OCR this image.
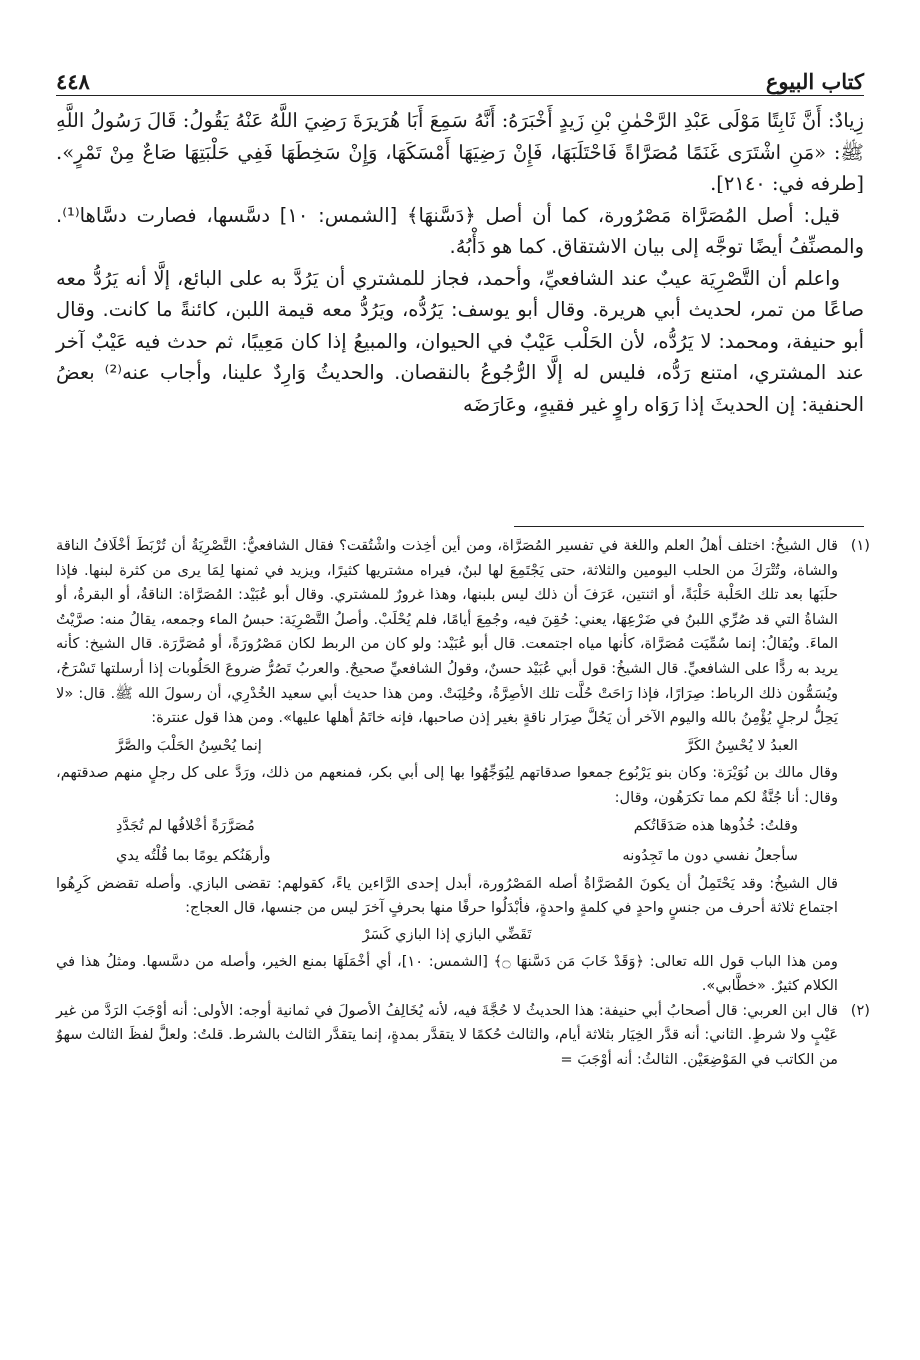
كتاب البيوع
٤٤٨

زِيادٌ: أَنَّ ثَابِتًا مَوْلَى عَبْدِ الرَّحْمٰنِ بْنِ زَيدٍ أَخْبَرَهُ: أَنَّهُ سَمِعَ أَبَا هُرَيرَةَ رَضِيَ اللَّهُ عَنْهُ يَقُولُ: قَالَ رَسُولُ اللَّهِ ﷺ: «مَنِ اشْتَرَى غَنَمًا مُصَرَّاةً فَاحْتَلَبَهَا، فَإِنْ رَضِيَهَا أَمْسَكَهَا، وَإِنْ سَخِطَهَا فَفِي حَلْبَتِهَا صَاعٌ مِنْ تَمْرٍ». [طرفه في: ٢١٤٠].

قيل: أصل المُصَرَّاة مَصْرُورة، كما أن أصل ﴿دَسَّنهَا﴾ [الشمس: ١٠] دسَّسها، فصارت دسَّاها⁽¹⁾. والمصنِّفُ أيضًا توجَّه إلى بيان الاشتقاق. كما هو دَأْبُهُ.

واعلم أن التَّصْرِيَة عيبٌ عند الشافعيِّ، وأحمد، فجاز للمشتري أن يَرُدَّ به على البائع، إلَّا أنه يَرُدُّ معه صاعًا من تمر، لحديث أبي هريرة. وقال أبو يوسف: يَرُدُّه، ويَرُدُّ معه قيمة اللبن، كائنةً ما كانت. وقال أبو حنيفة، ومحمد: لا يَرُدُّه، لأن الحَلْب عَيْبٌ في الحيوان، والمبيعُ إذا كان مَعِيبًا، ثم حدث فيه عَيْبٌ آخر عند المشتري، امتنع رَدُّه، فليس له إلَّا الرُّجُوعُ بالنقصان. والحديثُ وَارِدٌ علينا، وأجاب عنه⁽²⁾ بعضُ الحنفية: إن الحديثَ إذا رَوَاه راوٍ غير فقيهٍ، وعَارَضَه

(١)

قال الشيخُ: اختلف أهلُ العلم واللغة في تفسير المُصَرَّاة، ومن أين أخِذت واشْتُقت؟ فقال الشافعيُّ: التَّصْرِيَةُ أن تُرْبَطَ أخْلَافُ الناقة والشاة، وتُتْرَكَ من الحلب اليومين والثلاثة، حتى يَجْتَمِعَ لها لبنٌ، فيراه مشتريها كثيرًا، ويزيد في ثمنها لِمَا يرى من كثرة لبنها. فإذا حلَبَها بعد تلك الحَلْبة حَلْبَةً، أو اثنتين، عَرَفَ أن ذلك ليس بلبنها، وهذا غرورٌ للمشتري. وقال أبو عُبَيْد: المُصَرَّاة: الناقةُ، أو البقرةُ، أو الشاةُ التي قد صُرِّي اللبنُ في ضَرْعِهَا، يعني: حُقِنَ فيه، وجُمِعَ أيامًا، فلم يُحْلَبْ. وأصلُ التَّصْرِيَة: حبسُ الماء وجمعه، يقالُ منه: صرَّيْتُ الماءَ. ويُقالُ: إنما سُمِّيَت مُصَرَّاة، كأنها مياه اجتمعت. قال أبو عُبَيْد: ولو كان من الربط لكان مَصْرُورَةً، أو مُصَرَّرَة. قال الشيخ: كأنه يريد به ردًّا على الشافعيِّ. قال الشيخُ: قول أبي عُبَيْد حسنٌ، وقولُ الشافعيِّ صحيحٌ. والعربُ تَصُرُّ ضروعَ الحَلُوبات إذا أرسلتها تَسْرَحُ، ويُسَمُّون ذلك الرباط: صِرَارًا، فإذا رَاحَتْ حُلَّت تلك الأصِرَّةُ، وحُلِبَتْ. ومن هذا حديث أبي سعيد الخُدْرِي، أن رسولَ الله ﷺ. قال: «لا يَحِلُّ لرجلٍ يُؤْمِنُ بالله واليوم الآخر أن يَحُلَّ صِرَار ناقةٍ بغير إذن صاحبها، فإنه خاتَمُ أهلها عليها». ومن هذا قول عنترة:

العبدُ لا يُحْسِنُ الكَرَّ
إنما يُحْسِنُ الحَلْبَ والصَّرَّ

وقال مالك بن نُوَيْرَة: وكان بنو يَرْبُوع جمعوا صدقاتهم لِيُوَجِّهُوا بها إلى أبي بكر، فمنعهم من ذلك، ورَدَّ على كل رجلٍ منهم صدقتهم، وقال: أنا جُنَّةٌ لكم مما تكرَهُون، وقال:

وقلتُ: خُذُوها هذه صَدَقَاتُكم
مُصَرَّرَةً أخْلافُها لم تُجَدَّدِ
سأجعلُ نفسي دون ما تَجِدُونه
وأرهَنُكم يومًا بما قُلْتُه يدي

قال الشيخُ: وقد يَحْتَمِلُ أن يكونَ المُصَرَّاةُ أصله المَصْرُورة، أبدل إحدى الرَّاءين ياءً، كقولهم: تقضى البازي. وأصله تقضض كَرِهُوا اجتماع ثلاثة أحرف من جنسٍ واحدٍ في كلمةٍ واحدةٍ، فأبْدَلُوا حرفًا منها بحرفٍ آخرَ ليس من جنسها، قال العجاج:

تَقَضِّي البازي إذا البازي كَسَرْ

ومن هذا الباب قول الله تعالى: ﴿وَقَدْ خَابَ مَن دَسَّنهَا ۝﴾ [الشمس: ١٠]، أي أخْمَلَهَا بمنع الخير، وأصله من دسَّسها. ومثلُ هذا في الكلام كثيرٌ. «خطَّابي».

(٢)

قال ابن العربي: قال أصحابُ أبي حنيفة: هذا الحديثُ لا حُجَّةَ فيه، لأنه يُخَالِفُ الأصولَ في ثمانية أوجه: الأولى: أنه أوْجَبَ الرَدَّ من غير عَيْبٍ ولا شرطٍ. الثاني: أنه قدَّر الخِيَار بثلاثة أيام، والثالث حُكمًا لا يتقدَّر بمدةٍ، إنما يتقدَّر الثالث بالشرط. قلتُ: ولعلَّ لفظَ الثالث سهوٌ من الكاتب في المَوْضِعَيْن. الثالثُ: أنه أوْجَبَ =
